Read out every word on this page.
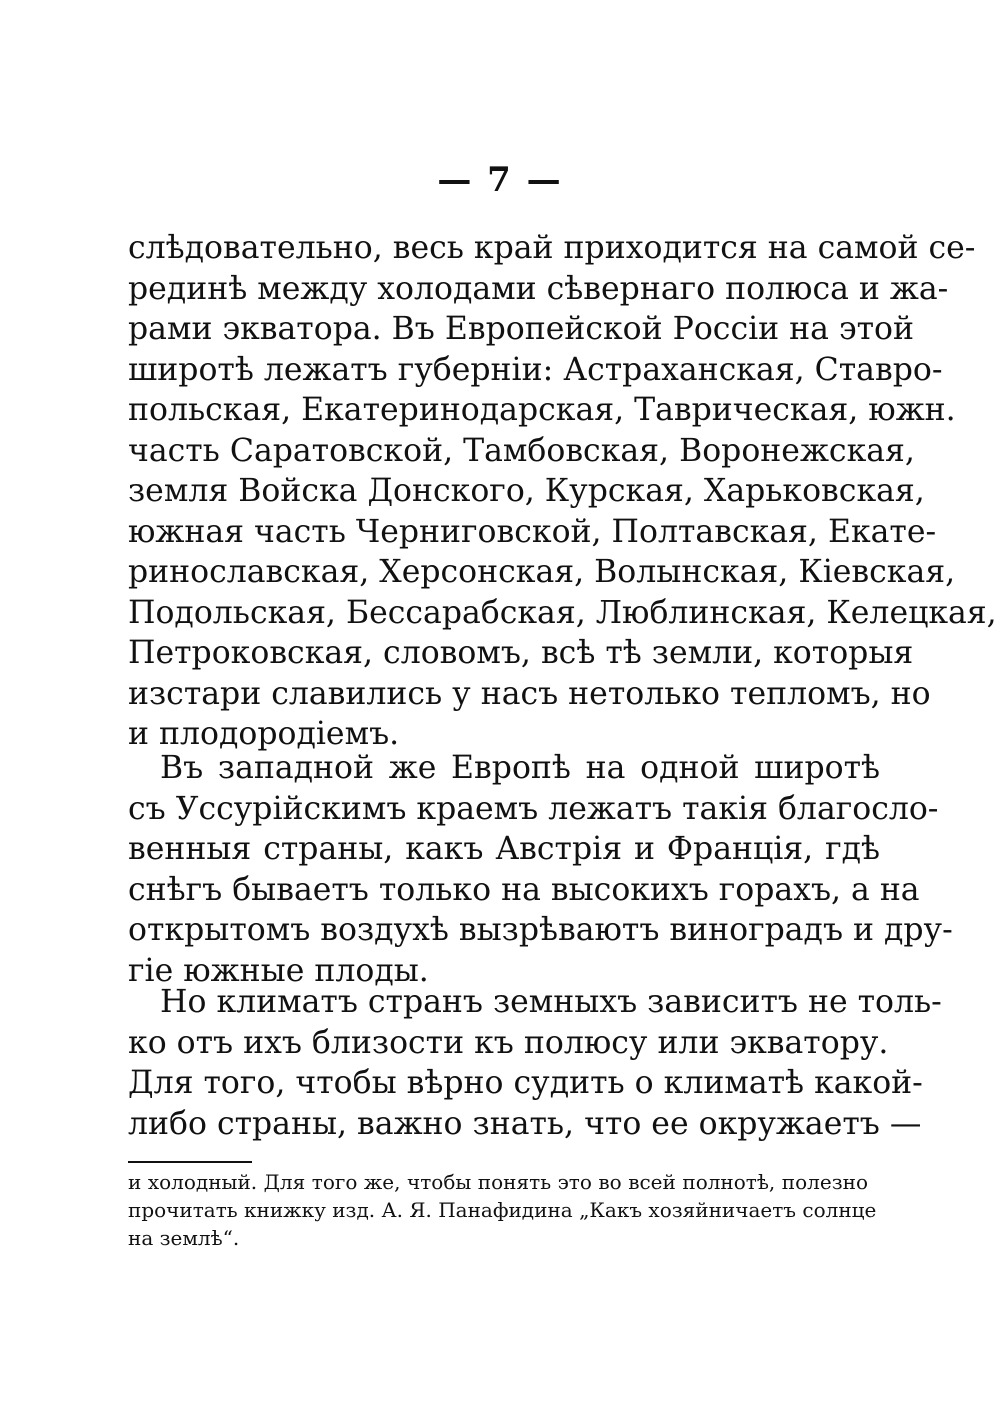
— 7 —
слѣдовательно, весь край приходится на самой се-
рединѣ между холодами сѣвернаго полюса и жа-
рами экватора. Въ Европейской Россіи на этой
широтѣ лежатъ губерніи: Астраханская, Ставро-
польская, Екатеринодарская, Таврическая, южн.
часть Саратовской, Тамбовская, Воронежская,
земля Войска Донского, Курская, Харьковская,
южная часть Черниговской, Полтавская, Екате-
ринославская, Херсонская, Волынская, Кіевская,
Подольская, Бессарабская, Люблинская, Келецкая,
Петроковская, словомъ, всѣ тѣ земли, которыя
изстари славились у насъ нетолько тепломъ, но
и плодородіемъ.
Въ западной же Европѣ на одной широтѣ
съ Уссурійскимъ краемъ лежатъ такія благосло-
венныя страны, какъ Австрія и Франція, гдѣ
снѣгъ бываетъ только на высокихъ горахъ, а на
открытомъ воздухѣ вызрѣваютъ виноградъ и дру-
гіе южные плоды.
Но климатъ странъ земныхъ зависитъ не толь-
ко отъ ихъ близости къ полюсу или экватору.
Для того, чтобы вѣрно судить о климатѣ какой-
либо страны, важно знать, что ее окружаетъ —
и холодный. Для того же, чтобы понять это во всей полнотѣ, полезно
прочитать книжку изд. А. Я. Панафидина „Какъ хозяйничаетъ солнце
на землѣ“.
